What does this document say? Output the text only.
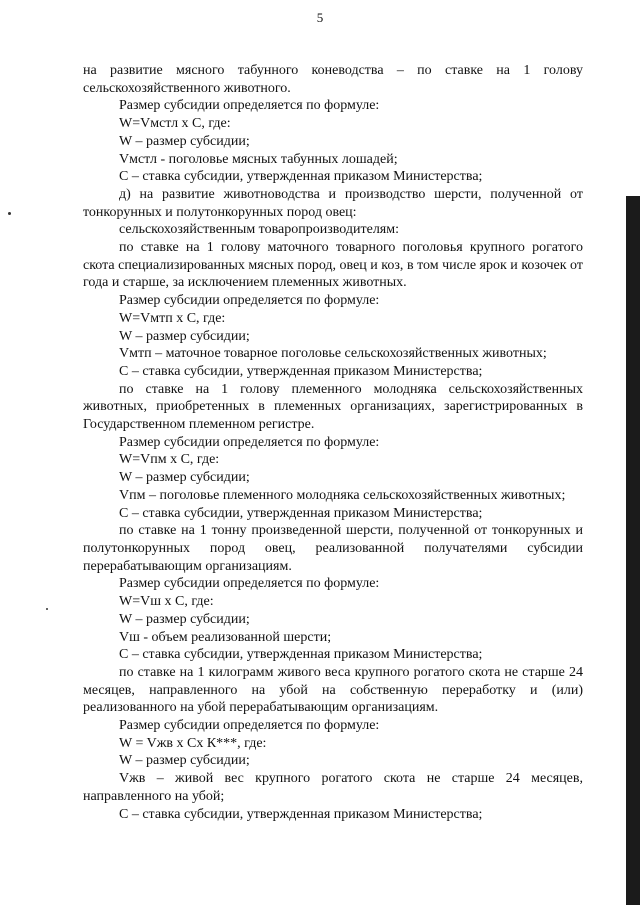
5

на развитие мясного табунного коневодства – по ставке на 1 голову сельскохозяйственного животного.

Размер субсидии определяется по формуле:

W=Vмстл х С, где:

W – размер субсидии;

Vмстл - поголовье мясных табунных лошадей;

С – ставка субсидии, утвержденная приказом Министерства;

д) на развитие животноводства и производство шерсти, полученной от тонкорунных и полутонкорунных пород овец:

сельскохозяйственным товаропроизводителям:

по ставке на 1 голову маточного товарного поголовья крупного рогатого скота специализированных мясных пород, овец и коз, в том числе ярок и козочек от года и старше, за исключением племенных животных.

Размер субсидии определяется по формуле:

W=Vмтп х С, где:

W – размер субсидии;

Vмтп – маточное товарное поголовье сельскохозяйственных животных;

С – ставка субсидии, утвержденная приказом Министерства;

по ставке на 1 голову племенного молодняка сельскохозяйственных животных, приобретенных в племенных организациях, зарегистрированных в Государственном племенном регистре.

Размер субсидии определяется по формуле:

W=Vпм х С, где:

W – размер субсидии;

Vпм – поголовье племенного молодняка сельскохозяйственных животных;

С – ставка субсидии, утвержденная приказом Министерства;

по ставке на 1 тонну произведенной шерсти, полученной от тонкорунных и полутонкорунных пород овец, реализованной получателями субсидии перерабатывающим организациям.

Размер субсидии определяется по формуле:

W=Vш х С, где:

W – размер субсидии;

Vш - объем реализованной шерсти;

С – ставка субсидии, утвержденная приказом Министерства;

по ставке на 1 килограмм живого веса крупного рогатого скота не старше 24 месяцев, направленного на убой на собственную переработку и (или) реализованного на убой перерабатывающим организациям.

Размер субсидии определяется по формуле:

W = Vжв х Сх К***, где:

W – размер субсидии;

Vжв – живой вес крупного рогатого скота не старше 24 месяцев, направленного на убой;

С – ставка субсидии, утвержденная приказом Министерства;
